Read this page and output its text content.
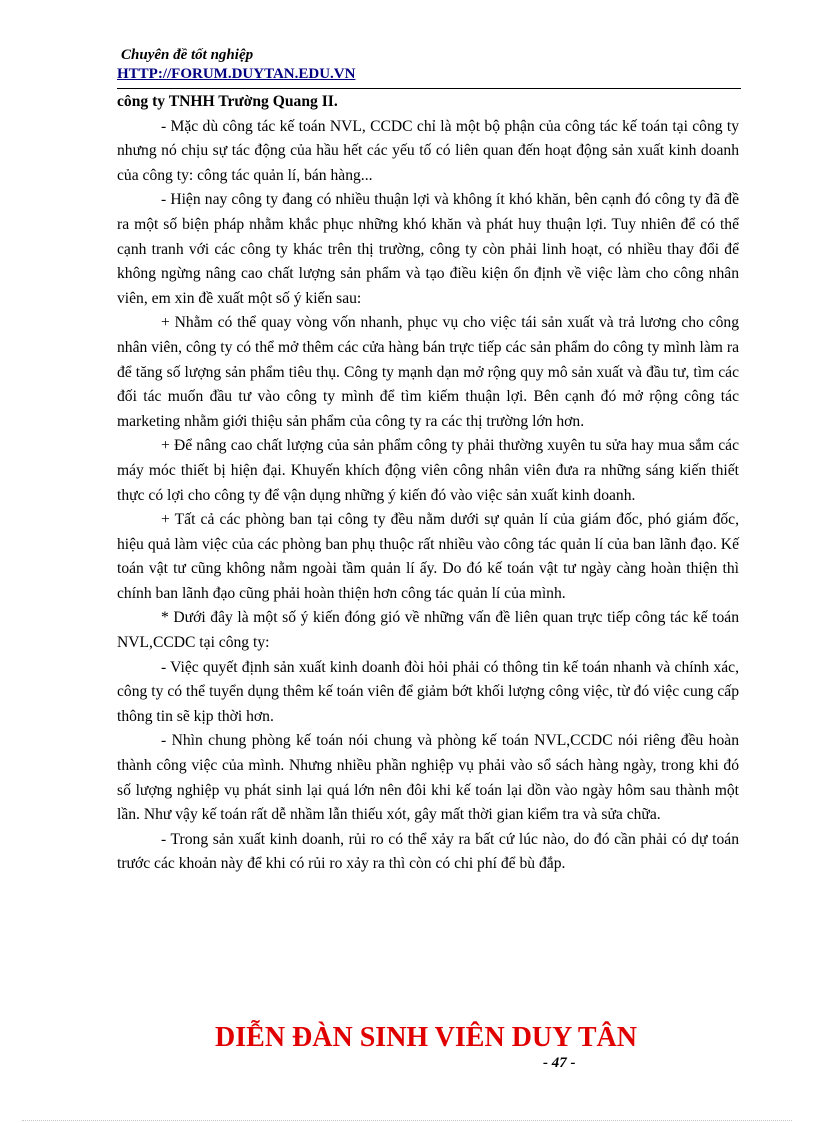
Chuyên đề tốt nghiệp
HTTP://FORUM.DUYTAN.EDU.VN

công ty TNHH Trường Quang II.

- Mặc dù công tác kế toán NVL, CCDC chỉ là một bộ phận của công tác kế toán tại công ty nhưng nó chịu sự tác động của hầu hết các yếu tố có liên quan đến hoạt động sản xuất kinh doanh của công ty: công tác quản lí, bán hàng...

- Hiện nay công ty đang có nhiều thuận lợi và không ít khó khăn, bên cạnh đó công ty đã đề ra một số biện pháp nhằm khắc phục những khó khăn và phát huy thuận lợi. Tuy nhiên để có thể cạnh tranh với các công ty khác trên thị trường, công ty còn phải linh hoạt, có nhiều thay đổi để không ngừng nâng cao chất lượng sản phẩm và tạo điều kiện ổn định về việc làm cho công nhân viên, em xin đề xuất một số ý kiến sau:

+ Nhằm có thể quay vòng vốn nhanh, phục vụ cho việc tái sản xuất và trả lương cho công nhân viên, công ty có thể mở thêm các cửa hàng bán trực tiếp các sản phẩm do công ty mình làm ra để tăng số lượng sản phẩm tiêu thụ. Công ty mạnh dạn mở rộng quy mô sản xuất và đầu tư, tìm các đối tác muốn đầu tư vào công ty mình để tìm kiếm thuận lợi. Bên cạnh đó mở rộng công tác marketing nhằm giới thiệu sản phẩm của công ty ra các thị trường lớn hơn.

+ Để nâng cao chất lượng của sản phẩm công ty phải thường xuyên tu sửa hay mua sắm các máy móc thiết bị hiện đại. Khuyến khích động viên công nhân viên đưa ra những sáng kiến thiết thực có lợi cho công ty để vận dụng những ý kiến đó vào việc sản xuất kinh doanh.

+ Tất cả các phòng ban tại công ty đều nằm dưới sự quản lí của giám đốc, phó giám đốc, hiệu quả làm việc của các phòng ban phụ thuộc rất nhiều vào công tác quản lí của ban lãnh đạo. Kế toán vật tư cũng không nằm ngoài tầm quản lí ấy. Do đó kế toán vật tư ngày càng hoàn thiện thì chính ban lãnh đạo cũng phải hoàn thiện hơn công tác quản lí của mình.

* Dưới đây là một số ý kiến đóng gió về những vấn đề liên quan trực tiếp công tác kế toán NVL,CCDC tại công ty:

- Việc quyết định sản xuất kinh doanh đòi hỏi phải có thông tin kế toán nhanh và chính xác, công ty có thể tuyển dụng thêm kế toán viên để giảm bớt khối lượng công việc, từ đó việc cung cấp thông tin sẽ kịp thời hơn.

- Nhìn chung phòng kế toán nói chung và phòng kế toán NVL,CCDC nói riêng đều hoàn thành công việc của mình. Nhưng nhiều phần nghiệp vụ phải vào sổ sách hàng ngày, trong khi đó số lượng nghiệp vụ phát sinh lại quá lớn nên đôi khi kế toán lại dồn vào ngày hôm sau thành một lần. Như vậy kế toán rất dễ nhầm lẫn thiếu xót, gây mất thời gian kiểm tra và sửa chữa.

- Trong sản xuất kinh doanh, rủi ro có thể xảy ra bất cứ lúc nào, do đó cần phải có dự toán trước các khoản này để khi có rủi ro xảy ra thì còn có chi phí để bù đắp.

DIỄN ĐÀN SINH VIÊN DUY TÂN
- 47 -
